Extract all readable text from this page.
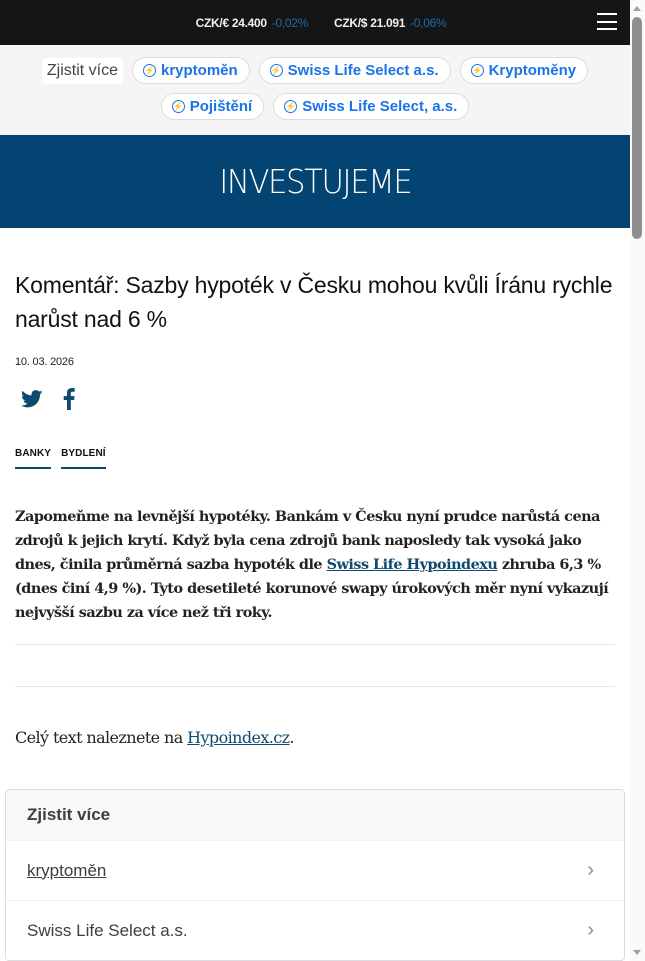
CZK/€ 24.400 -0,02% CZK/$ 21.091 -0,06%
Zjistit více	⚡ kryptoměn	⚡ Swiss Life Select a.s.	⚡ Kryptoměny
⚡ Pojištění	⚡ Swiss Life Select, a.s.
INVESTUJEME
Komentář: Sazby hypoték v Česku mohou kvůli Íránu rychle narůst nad 6 %
10. 03. 2026
BANKY BYDLENÍ

Zapomeňme na levnější hypotéky. Bankám v Česku nyní prudce narůstá cena zdrojů k jejich krytí. Když byla cena zdrojů bank naposledy tak vysoká jako dnes, činila průměrná sazba hypoték dle Swiss Life Hypoindexu zhruba 6,3 % (dnes činí 4,9 %). Tyto desetileté korunové swapy úrokových měr nyní vykazují nejvyšší sazbu za více než tři roky.

Celý text naleznete na Hypoindex.cz.

Zjistit více
kryptoměn	›
Swiss Life Select a.s.	›
